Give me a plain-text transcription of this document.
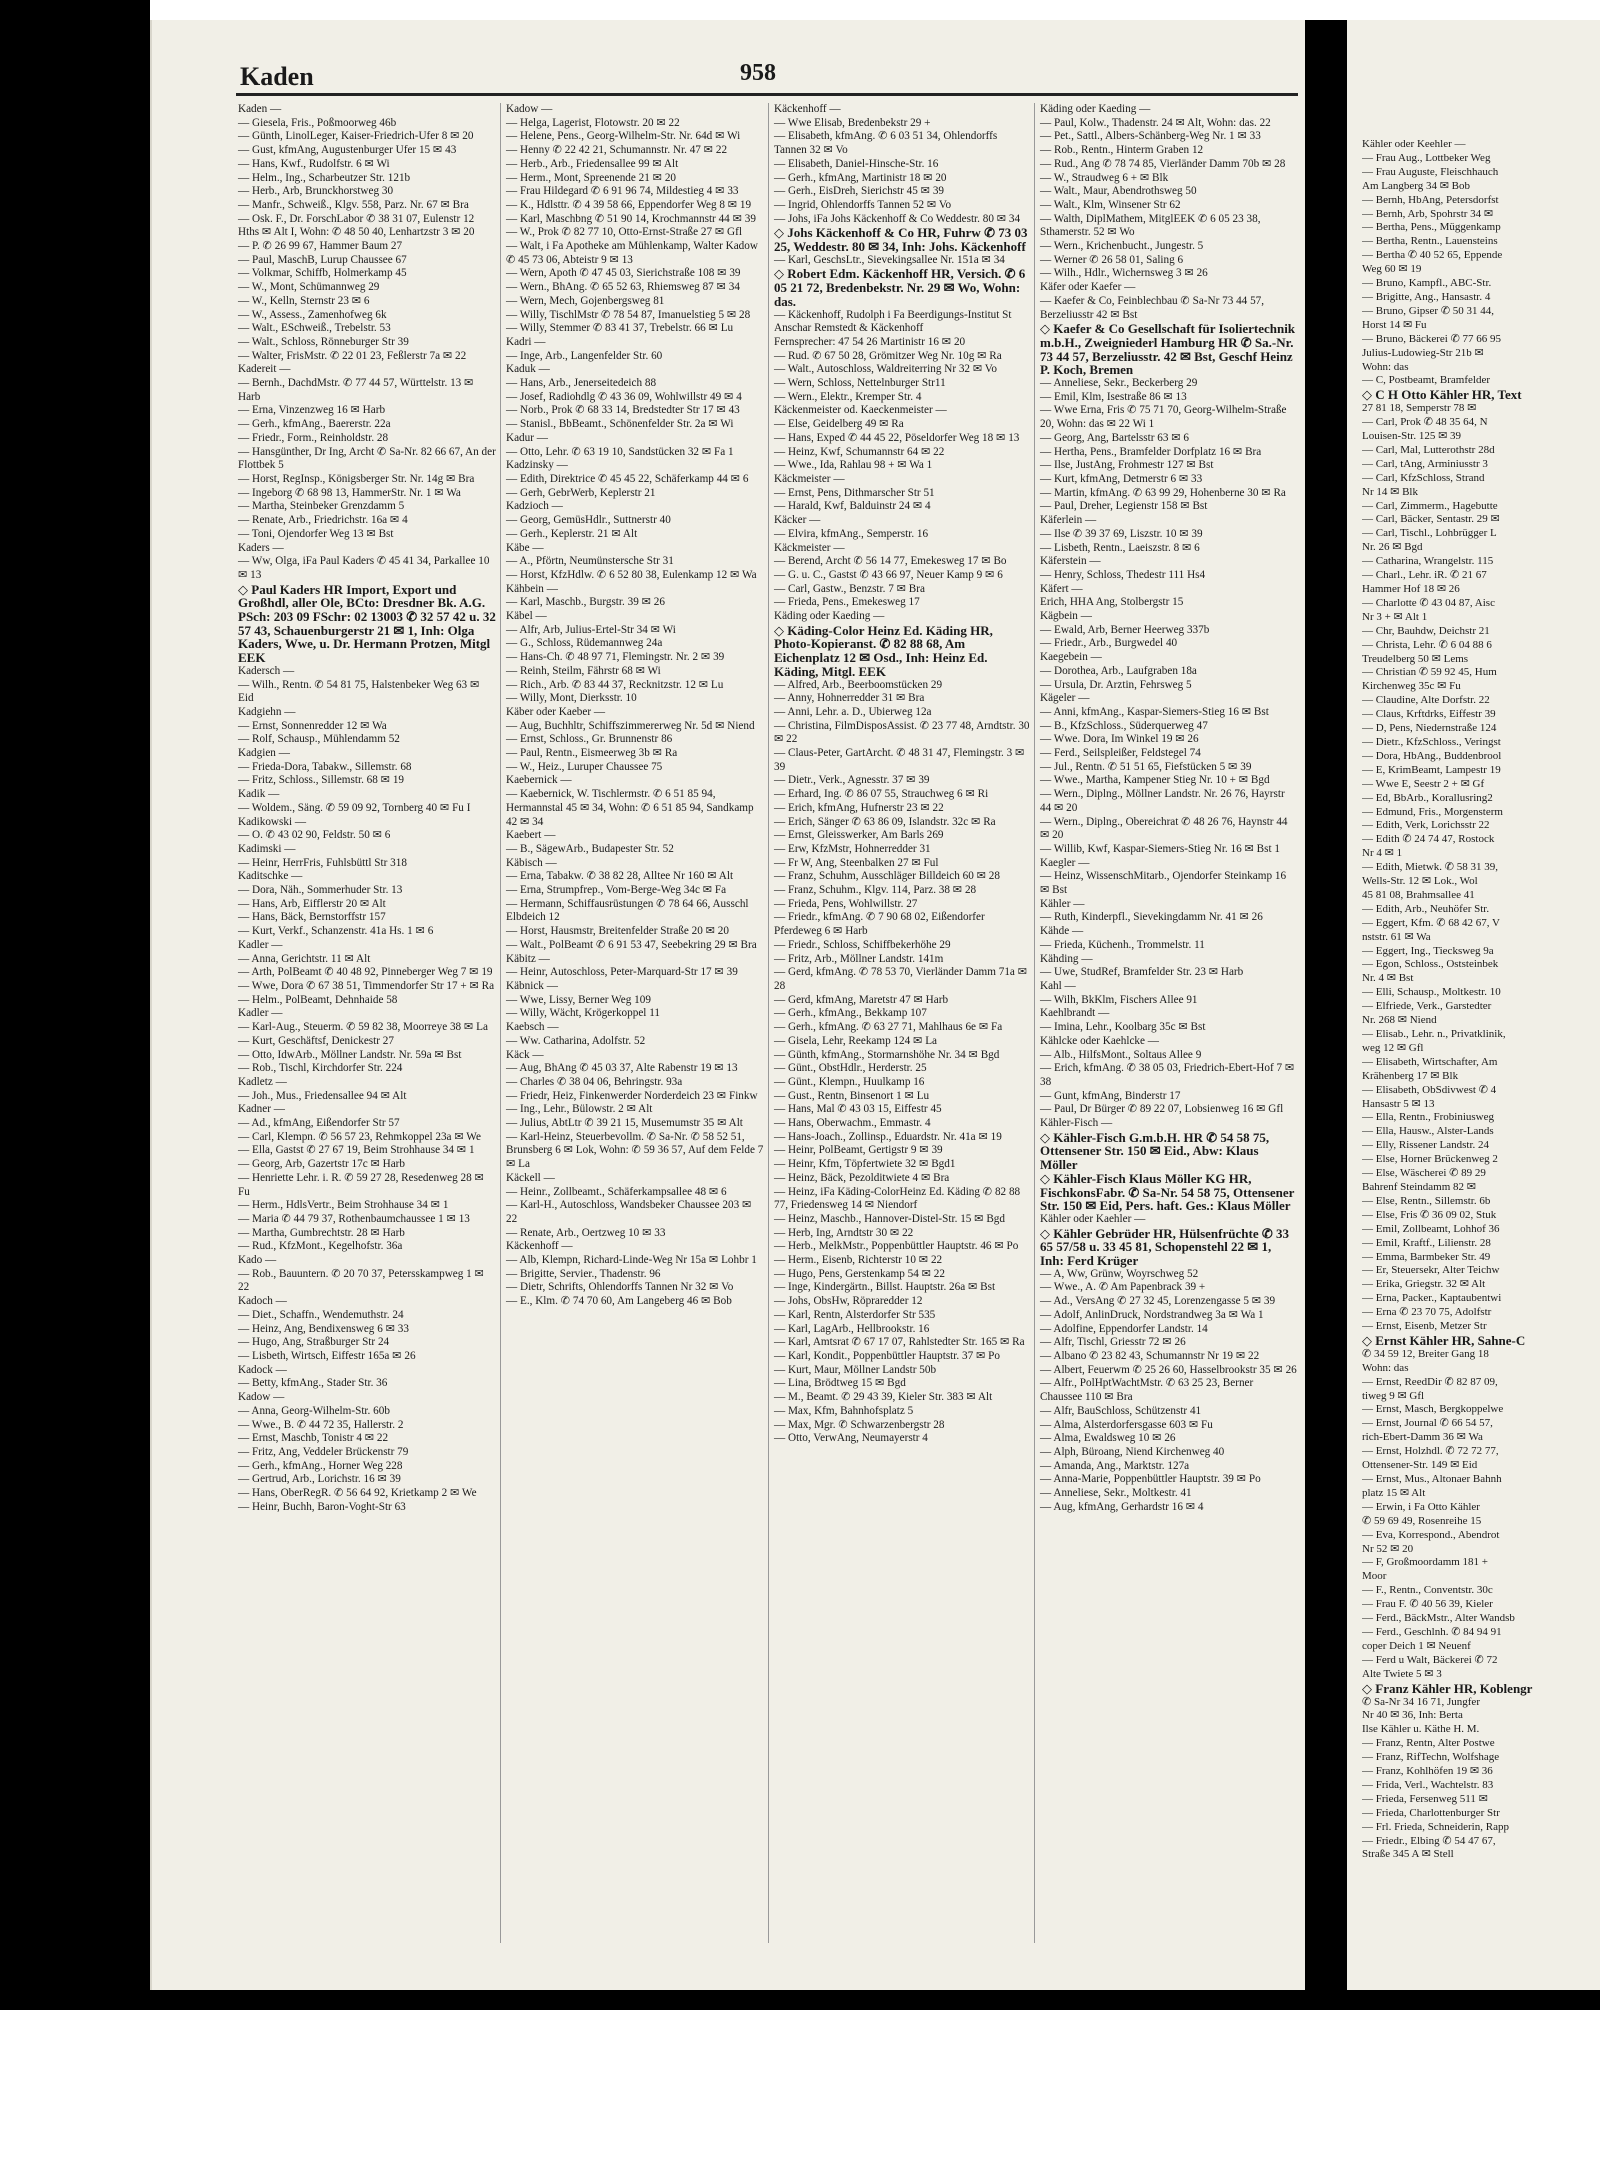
Kaden	958
Kaden —
— Giesela, Fris., Poßmoorweg 46b
— Günth, LinolLeger, Kaiser-Friedrich-Ufer 8 ✉ 20
— Gust, kfmAng, Augustenburger Ufer 15 ✉ 43
— Hans, Kwf., Rudolfstr. 6 ✉ Wi
— Helm., Ing., Scharbeutzer Str. 121b
— Herb., Arb, Brunckhorstweg 30
— Manfr., Schweiß., Klgv. 558, Parz. Nr. 67 ✉ Bra
— Osk. F., Dr. ForschLabor ✆ 38 31 07, Eulenstr 12 Hths ✉ Alt I, Wohn: ✆ 48 50 40, Lenhartzstr 3 ✉ 20
— P. ✆ 26 99 67, Hammer Baum 27
— Paul, MaschB, Lurup Chaussee 67
— Volkmar, Schiffb, Holmerkamp 45
— W., Mont, Schümannweg 29
— W., Kelln, Sternstr 23 ✉ 6
— W., Assess., Zamenhofweg 6k
— Walt., ESchweiß., Trebelstr. 53
— Walt., Schloss, Rönneburger Str 39
— Walter, FrisMstr. ✆ 22 01 23, Feßlerstr 7a ✉ 22
Kadereit —
— Bernh., DachdMstr. ✆ 77 44 57, Württelstr. 13 ✉ Harb
— Erna, Vinzenzweg 16 ✉ Harb
— Gerh., kfmAng., Baererstr. 22a
— Friedr., Form., Reinholdstr. 28
— Hansgünther, Dr Ing, Archt ✆ Sa-Nr. 82 66 67, An der Flottbek 5
— Horst, RegInsp., Königsberger Str. Nr. 14g ✉ Bra
— Ingeborg ✆ 68 98 13, HammerStr. Nr. 1 ✉ Wa
— Martha, Steinbeker Grenzdamm 5
— Renate, Arb., Friedrichstr. 16a ✉ 4
— Toni, Ojendorfer Weg 13 ✉ Bst
Kaders —
— Ww, Olga, iFa Paul Kaders ✆ 45 41 34, Parkallee 10 ✉ 13
◇ Paul Kaders HR Import, Export und Großhdl, aller Ole, BCto: Dresdner Bk. A.G. PSch: 203 09 FSchr: 02 13003 ✆ 32 57 42 u. 32 57 43, Schauenburgerstr 21 ✉ 1, Inh: Olga Kaders, Wwe, u. Dr. Hermann Protzen, Mitgl EEK
Kadersch —
— Wilh., Rentn. ✆ 54 81 75, Halstenbeker Weg 63 ✉ Eid
Kadgiehn —
— Ernst, Sonnenredder 12 ✉ Wa
— Rolf, Schausp., Mühlendamm 52
Kadgien —
— Frieda-Dora, Tabakw., Sillemstr. 68
— Fritz, Schloss., Sillemstr. 68 ✉ 19
Kadik —
— Woldem., Säng. ✆ 59 09 92, Tornberg 40 ✉ Fu I
Kadikowski —
— O. ✆ 43 02 90, Feldstr. 50 ✉ 6
Kadimski —
— Heinr, HerrFris, Fuhlsbüttl Str 318
Kaditschke —
— Dora, Näh., Sommerhuder Str. 13
— Hans, Arb, Eifflerstr 20 ✉ Alt
— Hans, Bäck, Bernstorffstr 157
— Kurt, Verkf., Schanzenstr. 41a Hs. 1 ✉ 6
Kadler —
— Anna, Gerichtstr. 11 ✉ Alt
— Arth, PolBeamt ✆ 40 48 92, Pinneberger Weg 7 ✉ 19
— Wwe, Dora ✆ 67 38 51, Timmendorfer Str 17 + ✉ Ra
— Helm., PolBeamt, Dehnhaide 58
Kadler —
— Karl-Aug., Steuerm. ✆ 59 82 38, Moorreye 38 ✉ La
— Kurt, Geschäftsf, Denickestr 27
— Otto, IdwArb., Möllner Landstr. Nr. 59a ✉ Bst
— Rob., Tischl, Kirchdorfer Str. 224
Kadletz —
— Joh., Mus., Friedensallee 94 ✉ Alt
Kadner —
— Ad., kfmAng, Eißendorfer Str 57
— Carl, Klempn. ✆ 56 57 23, Rehmkoppel 23a ✉ We
— Ella, Gastst ✆ 27 67 19, Beim Strohhause 34 ✉ 1
— Georg, Arb, Gazertstr 17c ✉ Harb
— Henriette Lehr. i. R. ✆ 59 27 28, Resedenweg 28 ✉ Fu
— Herm., HdlsVertr., Beim Strohhause 34 ✉ 1
— Maria ✆ 44 79 37, Rothenbaumchaussee 1 ✉ 13
— Martha, Gumbrechtstr. 28 ✉ Harb
— Rud., KfzMont., Kegelhofstr. 36a
Kado —
— Rob., Bauuntern. ✆ 20 70 37, Petersskampweg 1 ✉ 22
Kadoch —
— Diet., Schaffn., Wendemuthstr. 24
— Heinz, Ang, Bendixensweg 6 ✉ 33
— Hugo, Ang, Straßburger Str 24
— Lisbeth, Wirtsch, Eiffestr 165a ✉ 26
Kadock —
— Betty, kfmAng., Stader Str. 36
Kadow —
— Anna, Georg-Wilhelm-Str. 60b
— Wwe., B. ✆ 44 72 35, Hallerstr. 2
— Ernst, Maschb, Tonistr 4 ✉ 22
— Fritz, Ang, Veddeler Brückenstr 79
— Gerh., kfmAng., Horner Weg 228
— Gertrud, Arb., Lorichstr. 16 ✉ 39
— Hans, OberRegR. ✆ 56 64 92, Krietkamp 2 ✉ We
— Heinr, Buchh, Baron-Voght-Str 63
Kadow —
— Helga, Lagerist, Flotowstr. 20 ✉ 22
— Helene, Pens., Georg-Wilhelm-Str. Nr. 64d ✉ Wi
— Henny ✆ 22 42 21, Schumannstr. Nr. 47 ✉ 22
— Herb., Arb., Friedensallee 99 ✉ Alt
— Herm., Mont, Spreenende 21 ✉ 20
— Frau Hildegard ✆ 6 91 96 74, Mildestieg 4 ✉ 33
— K., Hdlsttr. ✆ 4 39 58 66, Eppendorfer Weg 8 ✉ 19
— Karl, Maschbng ✆ 51 90 14, Krochmannstr 44 ✉ 39
— W., Prok ✆ 82 77 10, Otto-Ernst-Straße 27 ✉ Gfl
— Walt, i Fa Apotheke am Mühlenkamp, Walter Kadow ✆ 45 73 06, Abteistr 9 ✉ 13
— Wern, Apoth ✆ 47 45 03, Sierichstraße 108 ✉ 39
— Wern., BhAng. ✆ 65 52 63, Rhiemsweg 87 ✉ 34
— Wern, Mech, Gojenbergsweg 81
— Willy, TischlMstr ✆ 78 54 87, Imanuelstieg 5 ✉ 28
— Willy, Stemmer ✆ 83 41 37, Trebelstr. 66 ✉ Lu
Kadri —
— Inge, Arb., Langenfelder Str. 60
Kaduk —
— Hans, Arb., Jenerseitedeich 88
— Josef, Radiohdlg ✆ 43 36 09, Wohlwillstr 49 ✉ 4
— Norb., Prok ✆ 68 33 14, Bredstedter Str 17 ✉ 43
— Stanisl., BbBeamt., Schönenfelder Str. 2a ✉ Wi
Kadur —
— Otto, Lehr. ✆ 63 19 10, Sandstücken 32 ✉ Fa 1
Kadzinsky —
— Edith, Direktrice ✆ 45 45 22, Schäferkamp 44 ✉ 6
— Gerh, GebrWerb, Keplerstr 21
Kadzioch —
— Georg, GemüsHdlr., Suttnerstr 40
— Gerh., Keplerstr. 21 ✉ Alt
Käbe —
— A., Pförtn, Neumünstersche Str 31
— Horst, KfzHdlw. ✆ 6 52 80 38, Eulenkamp 12 ✉ Wa
Kähbein —
— Karl, Maschb., Burgstr. 39 ✉ 26
Käbel —
— Alfr, Arb, Julius-Ertel-Str 34 ✉ Wi
— G., Schloss, Rüdemannweg 24a
— Hans-Ch. ✆ 48 97 71, Flemingstr. Nr. 2 ✉ 39
— Reinh, Steilm, Fährstr 68 ✉ Wi
— Rich., Arb. ✆ 83 44 37, Recknitzstr. 12 ✉ Lu
— Willy, Mont, Dierksstr. 10
Käber oder Kaeber —
— Aug, Buchhltr, Schiffszimmererweg Nr. 5d ✉ Niend
— Ernst, Schloss., Gr. Brunnenstr 86
— Paul, Rentn., Eismeerweg 3b ✉ Ra
— W., Heiz., Luruper Chaussee 75
Kaebernick —
— Kaebernick, W. Tischlermstr. ✆ 6 51 85 94, Hermannstal 45 ✉ 34, Wohn: ✆ 6 51 85 94, Sandkamp 42 ✉ 34
Kaebert —
— B., SägewArb., Budapester Str. 52
Käbisch —
— Erna, Tabakw. ✆ 38 82 28, Alltee Nr 160 ✉ Alt
— Erna, Strumpfrep., Vom-Berge-Weg 34c ✉ Fa
— Hermann, Schiffausrüstungen ✆ 78 64 66, Ausschl Elbdeich 12
— Horst, Hausmstr, Breitenfelder Straße 20 ✉ 20
— Walt., PolBeamt ✆ 6 91 53 47, Seebekring 29 ✉ Bra
Käbitz —
— Heinr, Autoschloss, Peter-Marquard-Str 17 ✉ 39
Käbnick —
— Wwe, Lissy, Berner Weg 109
— Willy, Wächt, Krögerkoppel 11
Kaebsch —
— Ww. Catharina, Adolfstr. 52
Käck —
— Aug, BhAng ✆ 45 03 37, Alte Rabenstr 19 ✉ 13
— Charles ✆ 38 04 06, Behringstr. 93a
— Friedr, Heiz, Finkenwerder Norderdeich 23 ✉ Finkw
— Ing., Lehr., Bülowstr. 2 ✉ Alt
— Julius, AbtLtr ✆ 39 21 15, Musemumstr 35 ✉ Alt
— Karl-Heinz, Steuerbevollm. ✆ Sa-Nr. ✆ 58 52 51, Brunsberg 6 ✉ Lok, Wohn: ✆ 59 36 57, Auf dem Felde 7 ✉ La
Käckell —
— Heinr., Zollbeamt., Schäferkampsallee 48 ✉ 6
— Karl-H., Autoschloss, Wandsbeker Chaussee 203 ✉ 22
— Renate, Arb., Oertzweg 10 ✉ 33
Käckenhoff —
— Alb, Klempn, Richard-Linde-Weg Nr 15a ✉ Lohbr 1
— Brigitte, Servier., Thadenstr. 96
— Dietr, Schrifts, Ohlendorffs Tannen Nr 32 ✉ Vo
— E., Klm. ✆ 74 70 60, Am Langeberg 46 ✉ Bob
Käckenhoff —
— Wwe Elisab, Bredenbekstr 29 +
— Elisabeth, kfmAng. ✆ 6 03 51 34, Ohlendorffs Tannen 32 ✉ Vo
— Elisabeth, Daniel-Hinsche-Str. 16
— Gerh., kfmAng, Martinistr 18 ✉ 20
— Gerh., EisDreh, Sierichstr 45 ✉ 39
— Ingrid, Ohlendorffs Tannen 52 ✉ Vo
— Johs, iFa Johs Käckenhoff & Co Weddestr. 80 ✉ 34
◇ Johs Käckenhoff & Co HR, Fuhrw ✆ 73 03 25, Weddestr. 80 ✉ 34, Inh: Johs. Käckenhoff
— Karl, GeschsLtr., Sievekingsallee Nr. 151a ✉ 34
◇ Robert Edm. Käckenhoff HR, Versich. ✆ 6 05 21 72, Bredenbekstr. Nr. 29 ✉ Wo, Wohn: das.
— Käckenhoff, Rudolph i Fa Beerdigungs-Institut St Anschar Remstedt & Käckenhoff
Fernsprecher: 47 54 26 Martinistr 16 ✉ 20
— Rud. ✆ 67 50 28, Grömitzer Weg Nr. 10g ✉ Ra
— Walt., Autoschloss, Waldreiterring Nr 32 ✉ Vo
— Wern, Schloss, Nettelnburger Str11
— Wern., Elektr., Kremper Str. 4
Käckenmeister od. Kaeckenmeister —
— Else, Geidelberg 49 ✉ Ra
— Hans, Exped ✆ 44 45 22, Pöseldorfer Weg 18 ✉ 13
— Heinz, Kwf, Schumannstr 64 ✉ 22
— Wwe., Ida, Rahlau 98 + ✉ Wa 1
Käckmeister —
— Ernst, Pens, Dithmarscher Str 51
— Harald, Kwf, Balduinstr 24 ✉ 4
Käcker —
— Elvira, kfmAng., Semperstr. 16
Käckmeister —
— Berend, Archt ✆ 56 14 77, Emekesweg 17 ✉ Bo
— G. u. C., Gastst ✆ 43 66 97, Neuer Kamp 9 ✉ 6
— Carl, Gastw., Benzstr. 7 ✉ Bra
— Frieda, Pens., Emekesweg 17
Käding oder Kaeding —
◇ Käding-Color Heinz Ed. Käding HR, Photo-Kopieranst. ✆ 82 88 68, Am Eichenplatz 12 ✉ Osd., Inh: Heinz Ed. Käding, Mitgl. EEK
— Alfred, Arb., Beerboomstücken 29
— Anny, Hohnerredder 31 ✉ Bra
— Anni, Lehr. a. D., Ubierweg 12a
— Christina, FilmDisposAssist. ✆ 23 77 48, Arndtstr. 30 ✉ 22
— Claus-Peter, GartArcht. ✆ 48 31 47, Flemingstr. 3 ✉ 39
— Dietr., Verk., Agnesstr. 37 ✉ 39
— Erhard, Ing. ✆ 86 07 55, Strauchweg 6 ✉ Ri
— Erich, kfmAng, Hufnerstr 23 ✉ 22
— Erich, Sänger ✆ 63 86 09, Islandstr. 32c ✉ Ra
— Ernst, Gleisswerker, Am Barls 269
— Erw, KfzMstr, Hohnerredder 31
— Fr W, Ang, Steenbalken 27 ✉ Ful
— Franz, Schuhm, Ausschläger Billdeich 60 ✉ 28
— Franz, Schuhm., Klgv. 114, Parz. 38 ✉ 28
— Frieda, Pens, Wohlwillstr. 27
— Friedr., kfmAng. ✆ 7 90 68 02, Eißendorfer Pferdeweg 6 ✉ Harb
— Friedr., Schloss, Schiffbekerhöhe 29
— Fritz, Arb., Möllner Landstr. 141m
— Gerd, kfmAng. ✆ 78 53 70, Vierländer Damm 71a ✉ 28
— Gerd, kfmAng, Maretstr 47 ✉ Harb
— Gerh., kfmAng., Bekkamp 107
— Gerh., kfmAng. ✆ 63 27 71, Mahlhaus 6e ✉ Fa
— Gisela, Lehr, Reekamp 124 ✉ La
— Günth, kfmAng., Stormarnshöhe Nr. 34 ✉ Bgd
— Günt., ObstHdlr., Herderstr. 25
— Günt., Klempn., Huulkamp 16
— Gust., Rentn, Binsenort 1 ✉ Lu
— Hans, Mal ✆ 43 03 15, Eiffestr 45
— Hans, Oberwachm., Emmastr. 4
— Hans-Joach., Zollinsp., Eduardstr. Nr. 41a ✉ 19
— Heinr, PolBeamt, Gertigstr 9 ✉ 39
— Heinr, Kfm, Töpfertwiete 32 ✉ Bgd1
— Heinz, Bäck, Pezolditwiete 4 ✉ Bra
— Heinz, iFa Käding-ColorHeinz Ed. Käding ✆ 82 88 77, Friedensweg 14 ✉ Niendorf
— Heinz, Maschb., Hannover-Distel-Str. 15 ✉ Bgd
— Herb, Ing, Arndtstr 30 ✉ 22
— Herb., MelkMstr., Poppenbüttler Hauptstr. 46 ✉ Po
— Herm., Eisenb, Richterstr 10 ✉ 22
— Hugo, Pens, Gerstenkamp 54 ✉ 22
— Inge, Kindergärtn., Billst. Hauptstr. 26a ✉ Bst
— Johs, ObsHw, Röpraredder 12
— Karl, Rentn, Alsterdorfer Str 535
— Karl, LagArb., Hellbrookstr. 16
— Karl, Amtsrat ✆ 67 17 07, Rahlstedter Str. 165 ✉ Ra
— Karl, Kondit., Poppenbüttler Hauptstr. 37 ✉ Po
— Kurt, Maur, Möllner Landstr 50b
— Lina, Brödtweg 15 ✉ Bgd
— M., Beamt. ✆ 29 43 39, Kieler Str. 383 ✉ Alt
— Max, Kfm, Bahnhofsplatz 5
— Max, Mgr. ✆ Schwarzenbergstr 28
— Otto, VerwAng, Neumayerstr 4
Käding oder Kaeding —
— Paul, Kolw., Thadenstr. 24 ✉ Alt, Wohn: das. 22
— Pet., Sattl., Albers-Schänberg-Weg Nr. 1 ✉ 33
— Rob., Rentn., Hinterm Graben 12
— Rud., Ang ✆ 78 74 85, Vierländer Damm 70b ✉ 28
— W., Straudweg 6 + ✉ Blk
— Walt., Maur, Abendrothsweg 50
— Walt., Klm, Winsener Str 62
— Walth, DiplMathem, MitglEEK ✆ 6 05 23 38, Sthamerstr. 52 ✉ Wo
— Wern., Krichenbucht., Jungestr. 5
— Werner ✆ 26 58 01, Saling 6
— Wilh., Hdlr., Wichernsweg 3 ✉ 26
Käfer oder Kaefer —
— Kaefer & Co, Feinblechbau ✆ Sa-Nr 73 44 57, Berzeliusstr 42 ✉ Bst
◇ Kaefer & Co Gesellschaft für Isoliertechnik m.b.H., Zweigniederl Hamburg HR ✆ Sa.-Nr. 73 44 57, Berzeliusstr. 42 ✉ Bst, Geschf Heinz P. Koch, Bremen
— Anneliese, Sekr., Beckerberg 29
— Emil, Klm, Isestraße 86 ✉ 13
— Wwe Erna, Fris ✆ 75 71 70, Georg-Wilhelm-Straße 20, Wohn: das ✉ 22 Wi 1
— Georg, Ang, Bartelsstr 63 ✉ 6
— Hertha, Pens., Bramfelder Dorfplatz 16 ✉ Bra
— Ilse, JustAng, Frohmestr 127 ✉ Bst
— Kurt, kfmAng, Detmerstr 6 ✉ 33
— Martin, kfmAng. ✆ 63 99 29, Hohenberne 30 ✉ Ra
— Paul, Dreher, Legienstr 158 ✉ Bst
Käferlein —
— Ilse ✆ 39 37 69, Liszstr. 10 ✉ 39
— Lisbeth, Rentn., Laeiszstr. 8 ✉ 6
Käferstein —
— Henry, Schloss, Thedestr 111 Hs4
Käfert —
Erich, HHA Ang, Stolbergstr 15
Kägbein —
— Ewald, Arb, Berner Heerweg 337b
— Friedr., Arb., Burgwedel 40
Kaegebein —
— Dorothea, Arb., Laufgraben 18a
— Ursula, Dr. Arztin, Fehrsweg 5
Kägeler —
— Anni, kfmAng., Kaspar-Siemers-Stieg 16 ✉ Bst
— B., KfzSchloss., Süderquerweg 47
— Wwe. Dora, Im Winkel 19 ✉ 26
— Ferd., Seilspleißer, Feldstegel 74
— Jul., Rentn. ✆ 51 51 65, Fiefstücken 5 ✉ 39
— Wwe., Martha, Kampener Stieg Nr. 10 + ✉ Bgd
— Wern., Diplng., Möllner Landstr. Nr. 26 76, Hayrstr 44 ✉ 20
— Wern., Diplng., Obereichrat ✆ 48 26 76, Haynstr 44 ✉ 20
— Willib, Kwf, Kaspar-Siemers-Stieg Nr. 16 ✉ Bst 1
Kaegler —
— Heinz, WissenschMitarb., Ojendorfer Steinkamp 16 ✉ Bst
Kähler —
— Ruth, Kinderpfl., Sievekingdamm Nr. 41 ✉ 26
Kähde —
— Frieda, Küchenh., Trommelstr. 11
Kähding —
— Uwe, StudRef, Bramfelder Str. 23 ✉ Harb
Kahl —
— Wilh, BkKlm, Fischers Allee 91
Kaehlbrandt —
— Imina, Lehr., Koolbarg 35c ✉ Bst
Kählcke oder Kaehlcke —
— Alb., HilfsMont., Soltaus Allee 9
— Erich, kfmAng. ✆ 38 05 03, Friedrich-Ebert-Hof 7 ✉ 38
— Gunt, kfmAng, Binderstr 17
— Paul, Dr Bürger ✆ 89 22 07, Lobsienweg 16 ✉ Gfl
Kähler-Fisch —
◇ Kähler-Fisch G.m.b.H. HR ✆ 54 58 75, Ottensener Str. 150 ✉ Eid., Abw: Klaus Möller
◇ Kähler-Fisch Klaus Möller KG HR, FischkonsFabr. ✆ Sa-Nr. 54 58 75, Ottensener Str. 150 ✉ Eid, Pers. haft. Ges.: Klaus Möller
Kähler oder Kaehler —
◇ Kähler Gebrüder HR, Hülsenfrüchte ✆ 33 65 57/58 u. 33 45 81, Schopenstehl 22 ✉ 1, Inh: Ferd Krüger
— A, Ww, Grünw, Woyrschweg 52
— Wwe., A. ✆ Am Papenbrack 39 +
— Ad., VersAng ✆ 27 32 45, Lorenzengasse 5 ✉ 39
— Adolf, AnlinDruck, Nordstrandweg 3a ✉ Wa 1
— Adolfine, Eppendorfer Landstr. 14
— Alfr, Tischl, Griesstr 72 ✉ 26
— Albano ✆ 23 82 43, Schumannstr Nr 19 ✉ 22
— Albert, Feuerwm ✆ 25 26 60, Hasselbrookstr 35 ✉ 26
— Alfr., PolHptWachtMstr. ✆ 63 25 23, Berner Chaussee 110 ✉ Bra
— Alfr, BauSchloss, Schützenstr 41
— Alma, Alsterdorfersgasse 603 ✉ Fu
— Alma, Ewaldsweg 10 ✉ 26
— Alph, Büroang, Niend Kirchenweg 40
— Amanda, Ang., Marktstr. 127a
— Anna-Marie, Poppenbüttler Hauptstr. 39 ✉ Po
— Anneliese, Sekr., Moltkestr. 41
— Aug, kfmAng, Gerhardstr 16 ✉ 4
Kähler oder Keehler —
— Frau Aug., Lottbeker Weg
— Frau Auguste, Fleischhauch
Am Langberg 34 ✉ Bob
— Bernh, HbAng, Petersdorfst
— Bernh, Arb, Spohrstr 34 ✉
— Bertha, Pens., Müggenkamp
— Bertha, Rentn., Lauensteins
— Bertha ✆ 40 52 65, Eppende
Weg 60 ✉ 19
— Bruno, Kampfl., ABC-Str.
— Brigitte, Ang., Hansastr. 4
— Bruno, Gipser ✆ 50 31 44,
Horst 14 ✉ Fu
— Bruno, Bäckerei ✆ 77 66 95
Julius-Ludowieg-Str 21b ✉
Wohn: das
— C, Postbeamt, Bramfelder
◇ C H Otto Kähler HR, Text
27 81 18, Semperstr 78 ✉
— Carl, Prok ✆ 48 35 64, N
Louisen-Str. 125 ✉ 39
— Carl, Mal, Lutterothstr 28d
— Carl, tAng, Arminiusstr 3
— Carl, KfzSchloss, Strand
Nr 14 ✉ Blk
— Carl, Zimmerm., Hagebutte
— Carl, Bäcker, Sentastr. 29 ✉
— Carl, Tischl., Lohbrügger L
Nr. 26 ✉ Bgd
— Catharina, Wrangelstr. 115
— Charl., Lehr. iR. ✆ 21 67
Hammer Hof 18 ✉ 26
— Charlotte ✆ 43 04 87, Aisc
Nr 3 + ✉ Alt 1
— Chr, Bauhdw, Deichstr 21
— Christa, Lehr. ✆ 6 04 88 6
Treudelberg 50 ✉ Lems
— Christian ✆ 59 92 45, Hum
Kirchenweg 35c ✉ Fu
— Claudine, Alte Dorfstr. 22
— Claus, Krftdrks, Eiffestr 39
— D, Pens, Niedernstraße 124
— Dietr., KfzSchloss., Veringst
— Dora, HbAng., Buddenbrool
— E, KrimBeamt, Lampestr 19
— Wwe E, Seestr 2 + ✉ Gf
— Ed, BbArb., Korallusring2
— Edmund, Fris., Morgensterm
— Edith, Verk, Lorichsstr 22
— Edith ✆ 24 74 47, Rostock
Nr 4 ✉ 1
— Edith, Mietwk. ✆ 58 31 39,
Wells-Str. 12 ✉ Lok., Wol
45 81 08, Brahmsallee 41
— Edith, Arb., Neuhöfer Str.
— Eggert, Kfm. ✆ 68 42 67, V
nststr. 61 ✉ Wa
— Eggert, Ing., Tiecksweg 9a
— Egon, Schloss., Oststeinbek
Nr. 4 ✉ Bst
— Elli, Schausp., Moltkestr. 10
— Elfriede, Verk., Garstedter
Nr. 268 ✉ Niend
— Elisab., Lehr. n., Privatklinik,
weg 12 ✉ Gfl
— Elisabeth, Wirtschafter, Am
Krähenberg 17 ✉ Blk
— Elisabeth, ObSdivwest ✆ 4
Hansastr 5 ✉ 13
— Ella, Rentn., Frobiniusweg
— Ella, Hausw., Alster-Lands
— Elly, Rissener Landstr. 24
— Else, Horner Brückenweg 2
— Else, Wäscherei ✆ 89 29
Bahrenf Steindamm 82 ✉
— Else, Rentn., Sillemstr. 6b
— Else, Fris ✆ 36 09 02, Stuk
— Emil, Zollbeamt, Lohhof 36
— Emil, Kraftf., Lilienstr. 28
— Emma, Barmbeker Str. 49
— Er, Steuersekr, Alter Teichw
— Erika, Griegstr. 32 ✉ Alt
— Erna, Packer., Kaptaubentwi
— Erna ✆ 23 70 75, Adolfstr
— Ernst, Eisenb, Metzer Str
◇ Ernst Kähler HR, Sahne-C
✆ 34 59 12, Breiter Gang 18
Wohn: das
— Ernst, ReedDir ✆ 82 87 09,
tiweg 9 ✉ Gfl
— Ernst, Masch, Bergkoppelwe
— Ernst, Journal ✆ 66 54 57,
rich-Ebert-Damm 36 ✉ Wa
— Ernst, Holzhdl. ✆ 72 72 77,
Ottensener-Str. 149 ✉ Eid
— Ernst, Mus., Altonaer Bahnh
platz 15 ✉ Alt
— Erwin, i Fa Otto Kähler
✆ 59 69 49, Rosenreihe 15
— Eva, Korrespond., Abendrot
Nr 52 ✉ 20
— F, Großmoordamm 181 +
Moor
— F., Rentn., Conventstr. 30c
— Frau F. ✆ 40 56 39, Kieler
— Ferd., BäckMstr., Alter Wandsb
— Ferd., Geschlnh. ✆ 84 94 91
coper Deich 1 ✉ Neuenf
— Ferd u Walt, Bäckerei ✆ 72
Alte Twiete 5 ✉ 3
◇ Franz Kähler HR, Koblengr
✆ Sa-Nr 34 16 71, Jungfer
Nr 40 ✉ 36, Inh: Berta
Ilse Kähler u. Käthe H. M.
— Franz, Rentn, Alter Postwe
— Franz, RifTechn, Wolfshage
— Franz, Kohlhöfen 19 ✉ 36
— Frida, Verl., Wachtelstr. 83
— Frieda, Fersenweg 511 ✉
— Frieda, Charlottenburger Str
— Frl. Frieda, Schneiderin, Rapp
— Friedr., Elbing ✆ 54 47 67,
Straße 345 A ✉ Stell
